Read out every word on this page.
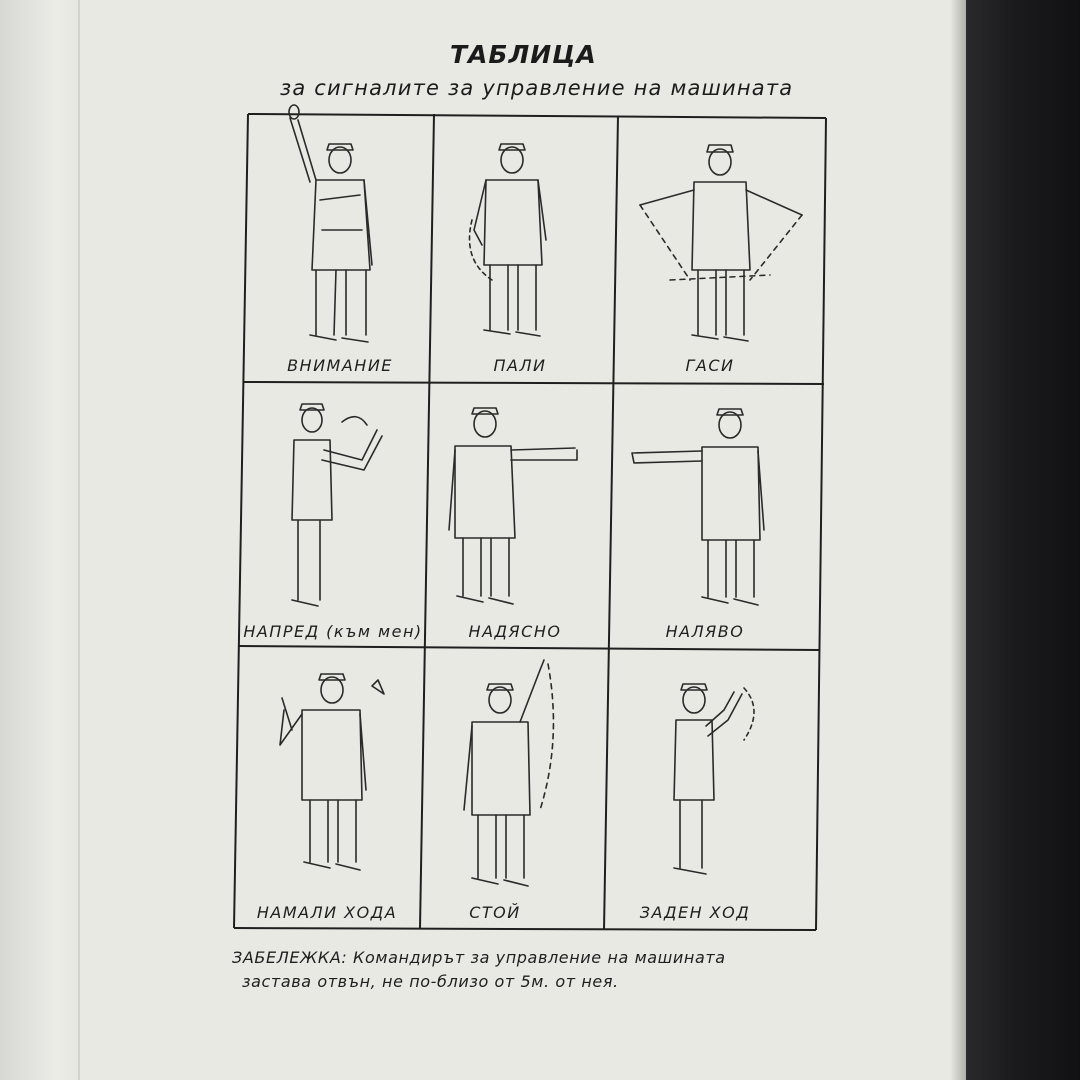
ТАБЛИЦА
за сигналите за управление на машината
ВНИМАНИЕ	ПАЛИ	ГАСИ
НАПРЕД (към мен)	НАДЯСНО	НАЛЯВО
НАМАЛИ ХОДА	СТОЙ	ЗАДЕН ХОД
ЗАБЕЛЕЖКА: Командирът за управление на машината
застава отвън, не по-близо от 5м. от нея.
